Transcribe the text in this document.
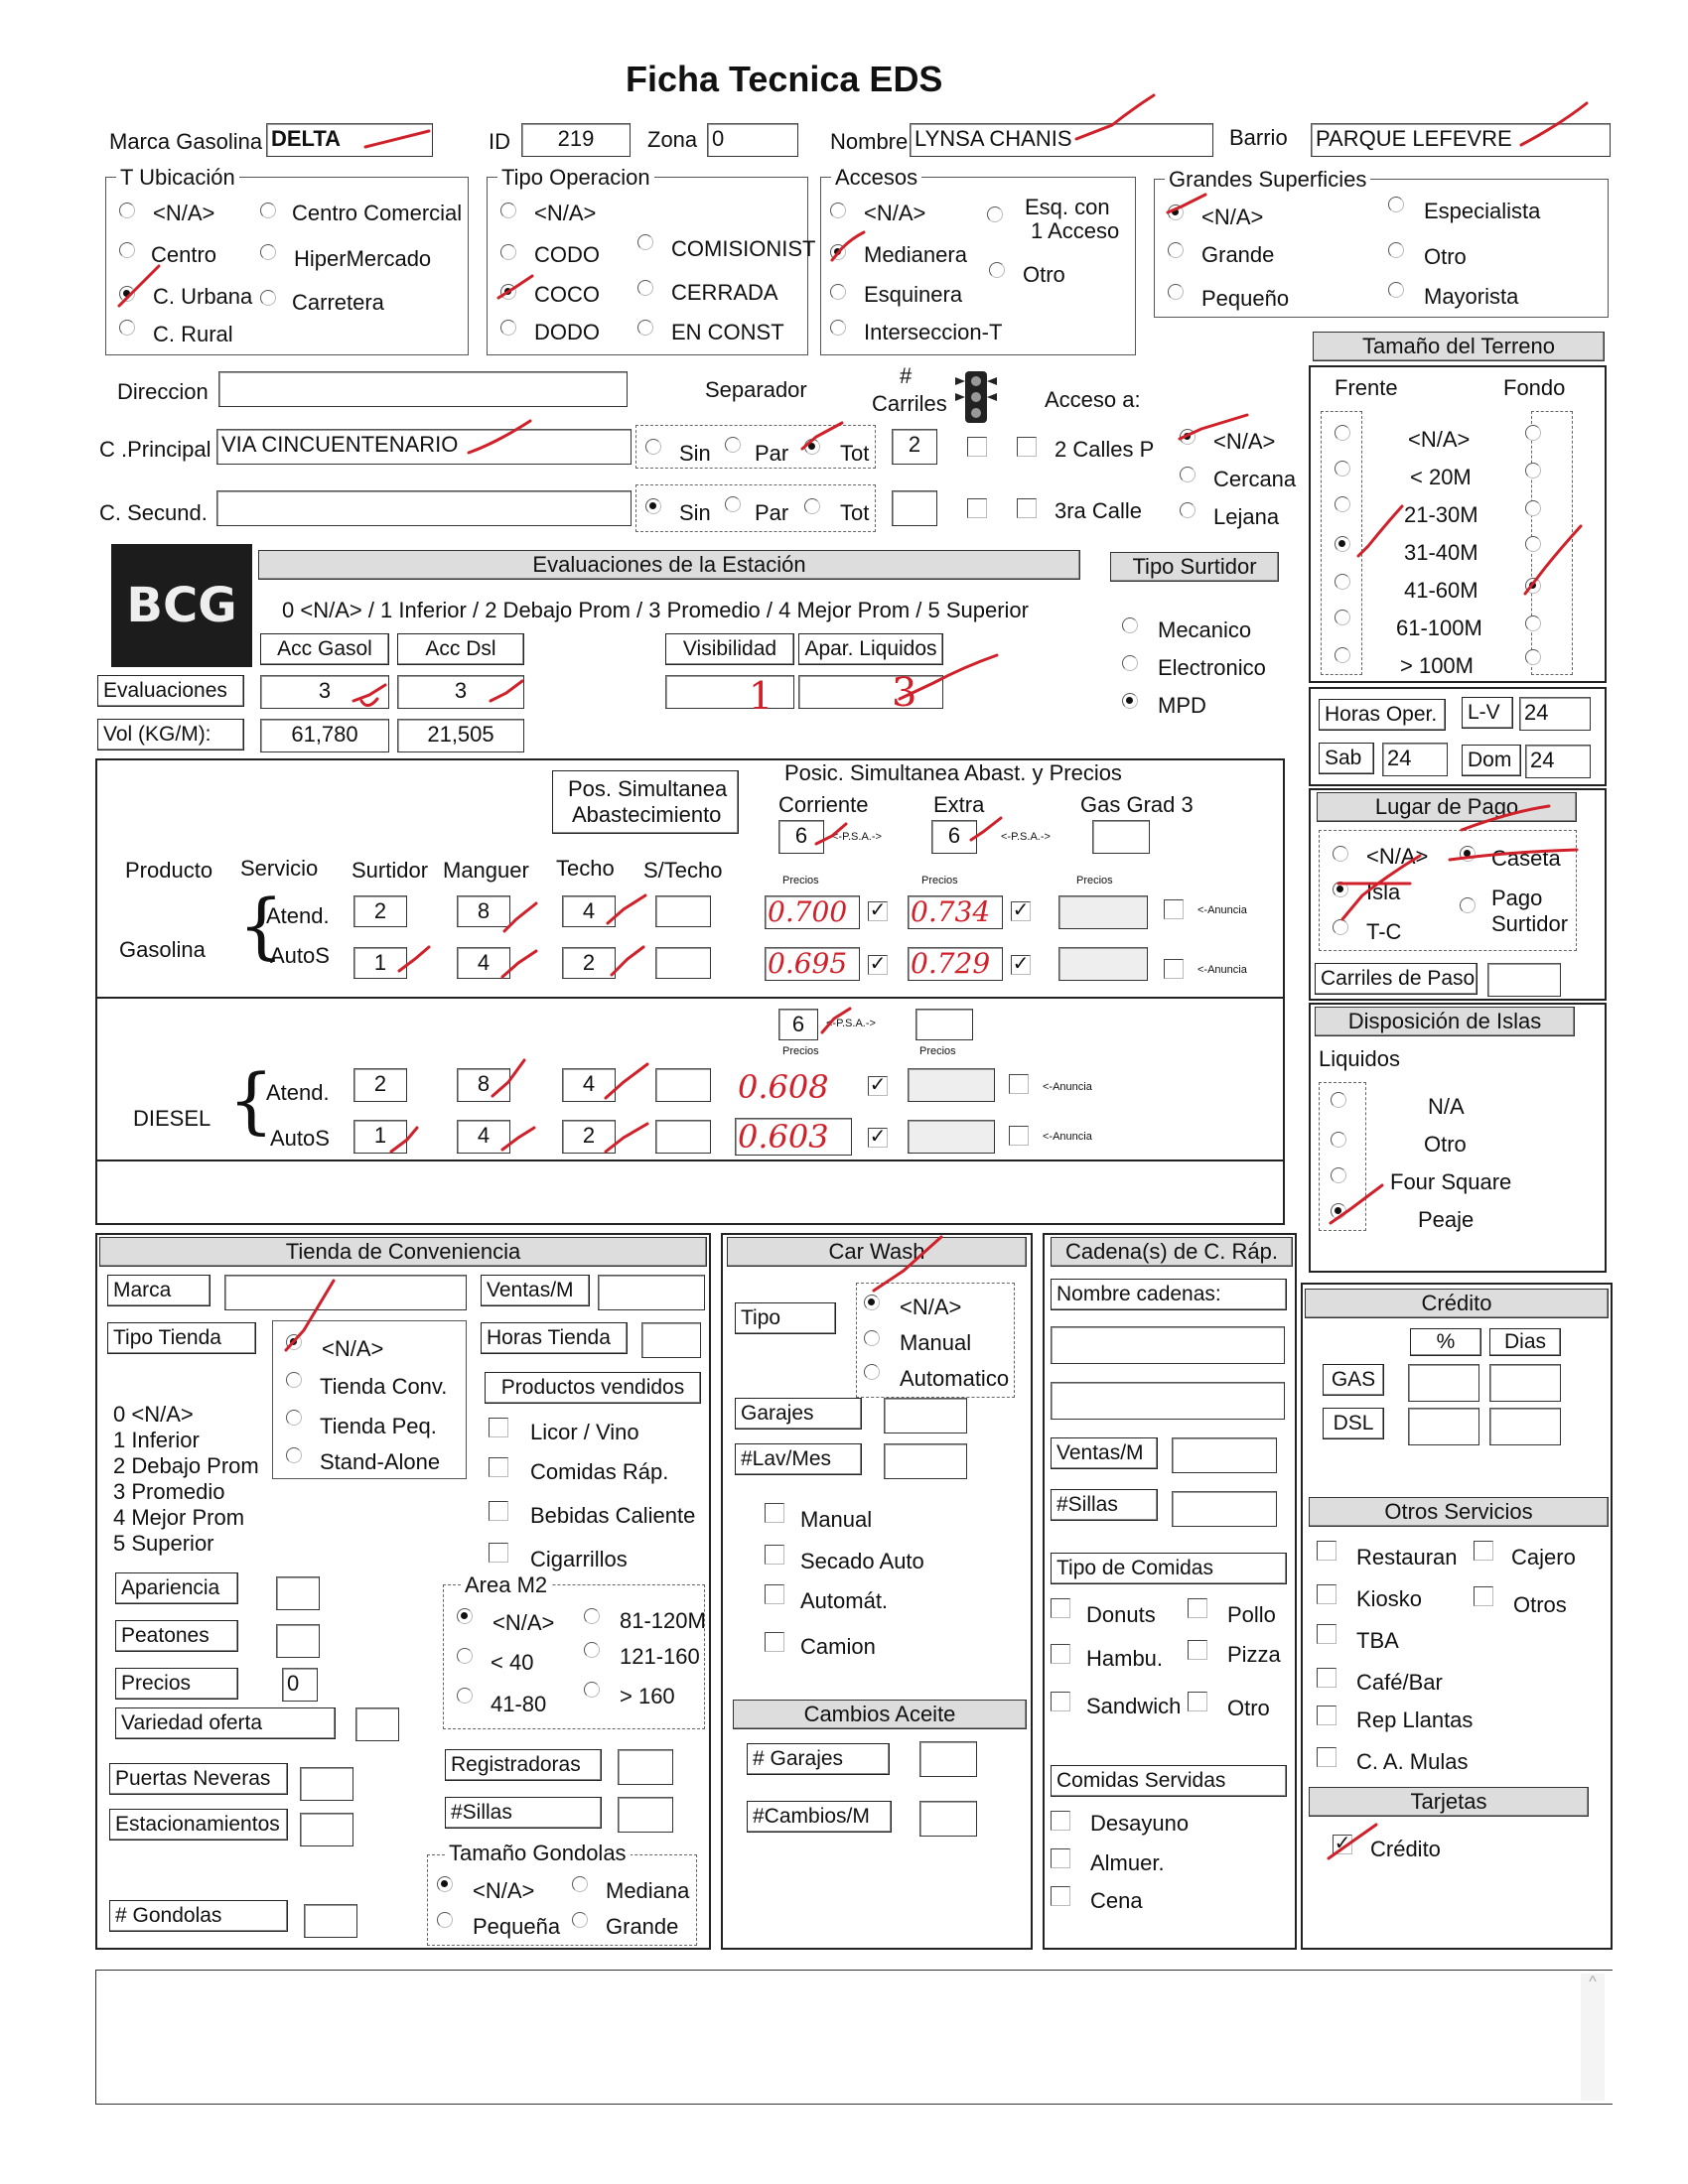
Ficha Tecnica EDS
Marca Gasolina DELTA	ID	219	Zona 0	Nombre LYNSA CHANIS	Barrio PARQUE LEFEVRE
T Ubicación
<N/A>	Centro Comercial
Centro	HiperMercado
C. Urbana Carretera
C. Rural
Tipo Operacion
<N/A>
CODO	COMISIONIST
COCO	CERRADA
DODO	EN CONST
Accesos
<N/A>	Esq. con
1 Acceso
Medianera
Otro
Esquinera
Interseccion-T
Grandes Superficies
<N/A>	Especialista
Grande	Otro
Pequeño	Mayorista
Tamaño del Terreno
Frente	Fondo
<N/A>
< 20M
21-30M
31-40M
41-60M
61-100M
> 100M
Direccion	Separador
#
Carriles	Acceso a:
C .Principal VIA CINCUENTENARIO	Sin Par Tot	2	2 Calles P	<N/A>
Cercana
Lejana
C. Secund.	Sin Par Tot	3ra Calle
BCG
Evaluaciones de la Estación
0 <N/A> / 1 Inferior / 2 Debajo Prom / 3 Promedio / 4 Mejor Prom / 5 Superior
Acc Gasol	Acc Dsl	Visibilidad	Apar. Liquidos
Evaluaciones	3	3	1	3
Vol (KG/M):	61,780	21,505
Tipo Surtidor
Mecanico
Electronico
MPD	Horas Oper.	L-V	24
Sab	24	Dom 24
Lugar de Pago
<N/A>	Caseta
Isla	Pago
Surtidor
T-C
Carriles de Paso
Disposición de Islas
Liquidos
N/A
Otro
Four Square
Peaje
Pos. Simultanea
Abastecimiento
Posic. Simultanea Abast. y Precios
Corriente	Extra	Gas Grad 3
6	<-P.S.A.->	6	<-P.S.A.->
Producto Servicio Surtidor Manguer Techo S/Techo	Precios	Precios	Precios
Gasolina {
Atend.
AutoS
2	8	4	0.700	✓ 0.734	✓	<-Anuncia
1	4	2	0.695	✓ 0.729	✓	<-Anuncia
6	<-P.S.A.->
Precios	Precios
DIESEL {
Atend.
AutoS
2	8	4	0.608	✓	<-Anuncia
1	4	2	0.603	✓	<-Anuncia
Tienda de Conveniencia
Marca	Ventas/M
Tipo Tienda	Horas Tienda
<N/A>
Tienda Conv.
Tienda Peq.
Stand-Alone
0 <N/A>
1 Inferior
2 Debajo Prom
3 Promedio
4 Mejor Prom
5 Superior
Productos vendidos
Licor / Vino
Comidas Ráp.
Bebidas Caliente
Cigarrillos
Apariencia
Peatones
Precios	0
Variedad oferta
Area M2
<N/A>	81-120M
< 40	121-160
41-80	> 160
Puertas Neveras
Estacionamientos
Registradoras
#Sillas
Tamaño Gondolas
<N/A>	Mediana
Pequeña Grande
# Gondolas
Car Wash
Tipo	<N/A>
Manual
Automatico
Garajes
#Lav/Mes
Manual
Secado Auto
Automát.
Camion
Cambios Aceite
# Garajes
#Cambios/M
Cadena(s) de C. Ráp.
Nombre cadenas:
Ventas/M
#Sillas
Tipo de Comidas
Donuts	Pollo
Hambu.	Pizza
Sandwich Otro
Comidas Servidas
Desayuno
Almuer.
Cena
Crédito
%	Dias
GAS
DSL
Otros Servicios
Restauran Cajero
Kiosko	Otros
TBA
Café/Bar
Rep Llantas
C. A. Mulas
Tarjetas
✓ Crédito
^
